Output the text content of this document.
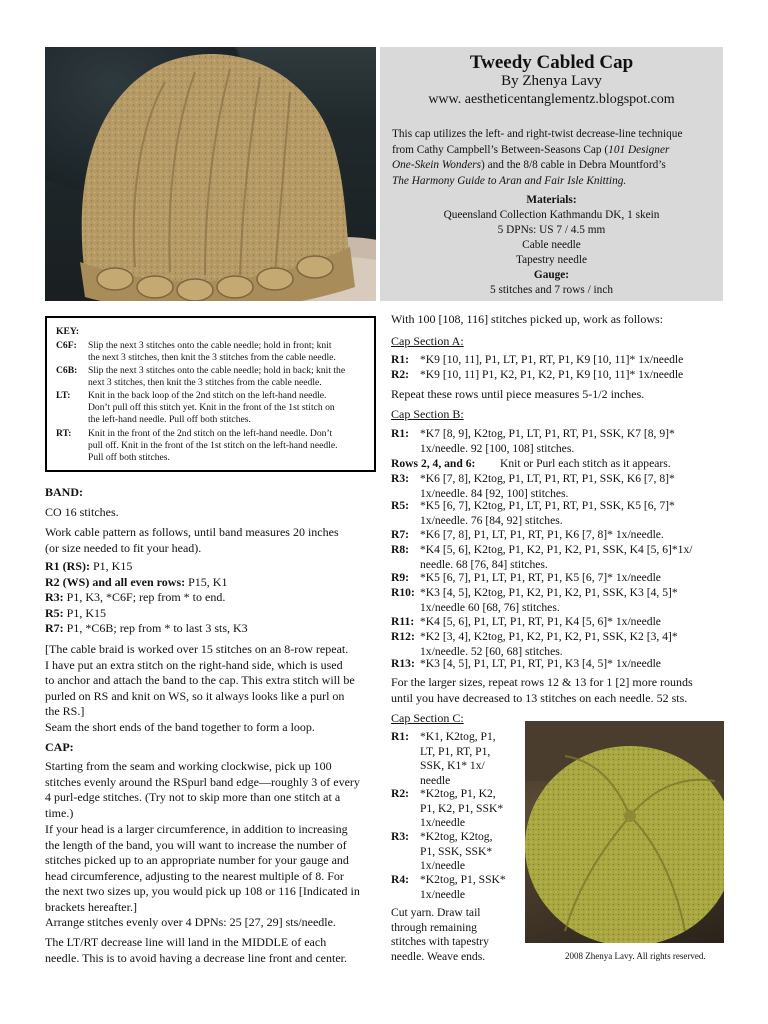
Tweedy Cabled Cap
By Zhenya Lavy
www. aestheticentanglementz.blogspot.com
This cap utilizes the left- and right-twist decrease-line technique
from Cathy Campbell’s Between-Seasons Cap (101 Designer
One-Skein Wonders) and the 8/8 cable in Debra Mountford’s
The Harmony Guide to Aran and Fair Isle Knitting.
Materials:
Queensland Collection Kathmandu DK, 1 skein
5 DPNs: US 7 / 4.5 mm
Cable needle
Tapestry needle
Gauge:
5 stitches and 7 rows / inch
KEY:
C6F: Slip the next 3 stitches onto the cable needle; hold in front; knit
the next 3 stitches, then knit the 3 stitches from the cable needle.
C6B: Slip the next 3 stitches onto the cable needle; hold in back; knit the
next 3 stitches, then knit the 3 stitches from the cable needle.
LT: Knit in the back loop of the 2nd stitch on the left-hand needle.
Don’t pull off this stitch yet. Knit in the front of the 1st stitch on
the left-hand needle. Pull off both stitches.
RT: Knit in the front of the 2nd stitch on the left-hand needle. Don’t
pull off. Knit in the front of the 1st stitch on the left-hand needle.
Pull off both stitches.
BAND:
CO 16 stitches.
Work cable pattern as follows, until band measures 20 inches
(or size needed to fit your head).
R1 (RS): P1, K15
R2 (WS) and all even rows: P15, K1
R3: P1, K3, *C6F; rep from * to end.
R5: P1, K15
R7: P1, *C6B; rep from * to last 3 sts, K3
[The cable braid is worked over 15 stitches on an 8-row repeat.
I have put an extra stitch on the right-hand side, which is used
to anchor and attach the band to the cap. This extra stitch will be
purled on RS and knit on WS, so it always looks like a purl on
the RS.]
Seam the short ends of the band together to form a loop.
CAP:
Starting from the seam and working clockwise, pick up 100
stitches evenly around the RSpurl band edge—roughly 3 of every
4 purl-edge stitches. (Try not to skip more than one stitch at a
time.)
If your head is a larger circumference, in addition to increasing
the length of the band, you will want to increase the number of
stitches picked up to an appropriate number for your gauge and
head circumference, adjusting to the nearest multiple of 8. For
the next two sizes up, you would pick up 108 or 116 [Indicated in
brackets hereafter.]
Arrange stitches evenly over 4 DPNs: 25 [27, 29] sts/needle.
The LT/RT decrease line will land in the MIDDLE of each
needle. This is to avoid having a decrease line front and center.
With 100 [108, 116] stitches picked up, work as follows:
Cap Section A:
R1: *K9 [10, 11], P1, LT, P1, RT, P1, K9 [10, 11]* 1x/needle
R2: *K9 [10, 11] P1, K2, P1, K2, P1, K9 [10, 11]* 1x/needle
Repeat these rows until piece measures 5-1/2 inches.
Cap Section B:
R1: *K7 [8, 9], K2tog, P1, LT, P1, RT, P1, SSK, K7 [8, 9]*
1x/needle. 92 [100, 108] stitches.
Rows 2, 4, and 6: Knit or Purl each stitch as it appears.
R3: *K6 [7, 8], K2tog, P1, LT, P1, RT, P1, SSK, K6 [7, 8]*
1x/needle. 84 [92, 100] stitches.
R5: *K5 [6, 7], K2tog, P1, LT, P1, RT, P1, SSK, K5 [6, 7]*
1x/needle. 76 [84, 92] stitches.
R7: *K6 [7, 8], P1, LT, P1, RT, P1, K6 [7, 8]* 1x/needle.
R8: *K4 [5, 6], K2tog, P1, K2, P1, K2, P1, SSK, K4 [5, 6]*1x/
needle. 68 [76, 84] stitches.
R9: *K5 [6, 7], P1, LT, P1, RT, P1, K5 [6, 7]* 1x/needle
R10: *K3 [4, 5], K2tog, P1, K2, P1, K2, P1, SSK, K3 [4, 5]*
1x/needle 60 [68, 76] stitches.
R11: *K4 [5, 6], P1, LT, P1, RT, P1, K4 [5, 6]* 1x/needle
R12: *K2 [3, 4], K2tog, P1, K2, P1, K2, P1, SSK, K2 [3, 4]*
1x/needle. 52 [60, 68] stitches.
R13: *K3 [4, 5], P1, LT, P1, RT, P1, K3 [4, 5]* 1x/needle
For the larger sizes, repeat rows 12 & 13 for 1 [2] more rounds
until you have decreased to 13 stitches on each needle. 52 sts.
Cap Section C:
R1: *K1, K2tog, P1,
LT, P1, RT, P1,
SSK, K1* 1x/
needle
R2: *K2tog, P1, K2,
P1, K2, P1, SSK*
1x/needle
R3: *K2tog, K2tog,
P1, SSK, SSK*
1x/needle
R4: *K2tog, P1, SSK*
1x/needle
Cut yarn. Draw tail
through remaining
stitches with tapestry
needle. Weave ends.	2008 Zhenya Lavy. All rights reserved.
